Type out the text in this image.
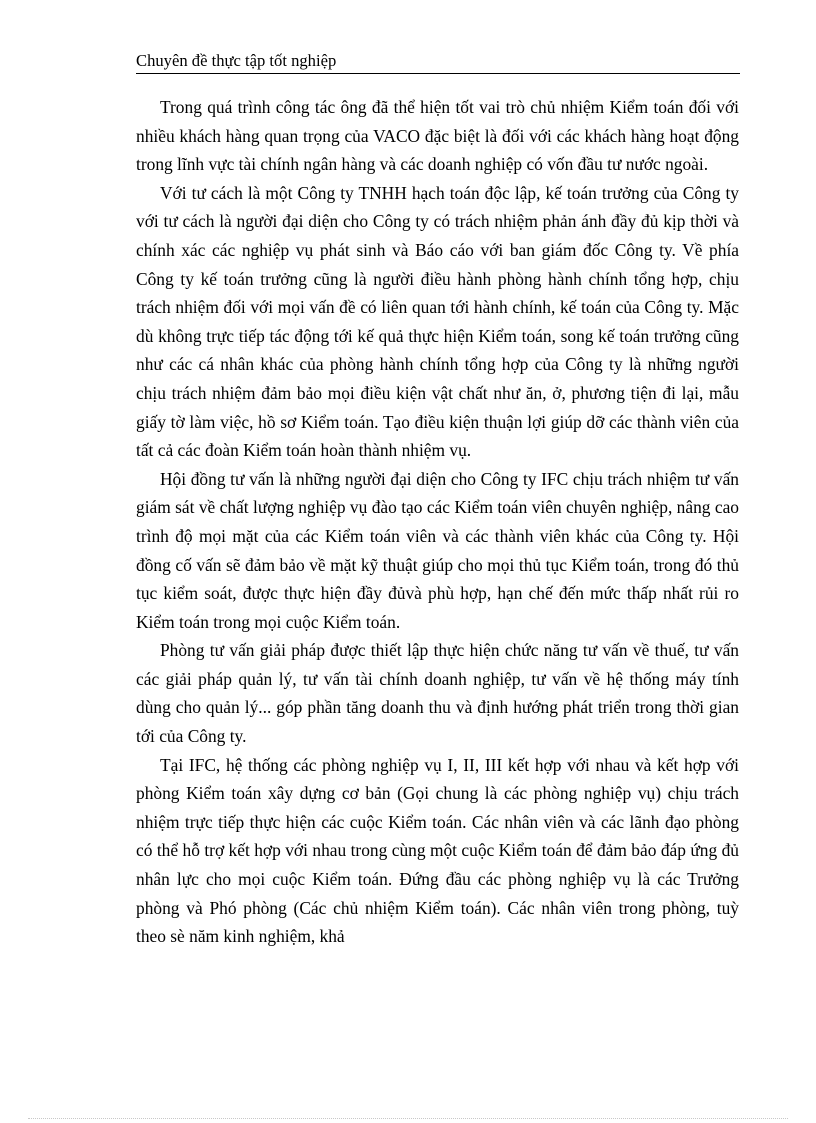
Chuyên đề thực tập tốt nghiệp

Trong quá trình công tác ông đã thể hiện tốt vai trò chủ nhiệm Kiểm toán đối với nhiều khách hàng quan trọng của VACO đặc biệt là đối với các khách hàng hoạt động trong lĩnh vực tài chính ngân hàng và các doanh nghiệp có vốn đầu tư nước ngoài.

Với tư cách là một Công ty TNHH hạch toán độc lập, kế toán trưởng của Công ty với tư cách là người đại diện cho Công ty có trách nhiệm phản ánh đầy đủ kịp thời và chính xác các nghiệp vụ phát sinh và Báo cáo với ban giám đốc Công ty. Về phía Công ty kế toán trưởng cũng là người điều hành phòng hành chính tổng hợp, chịu trách nhiệm đối với mọi vấn đề có liên quan tới hành chính, kế toán của Công ty. Mặc dù không trực tiếp tác động tới kế quả thực hiện Kiểm toán, song kế toán trưởng cũng như các cá nhân khác của phòng hành chính tổng hợp của Công ty là những người chịu trách nhiệm đảm bảo mọi điều kiện vật chất như ăn, ở, phương tiện đi lại, mẫu giấy tờ làm việc, hồ sơ Kiểm toán. Tạo điều kiện thuận lợi giúp dỡ các thành viên của tất cả các đoàn Kiểm toán hoàn thành nhiệm vụ.

Hội đồng tư vấn là những người đại diện cho Công ty IFC chịu trách nhiệm tư vấn giám sát về chất lượng nghiệp vụ đào tạo các Kiểm toán viên chuyên nghiệp, nâng cao trình độ mọi mặt của các Kiểm toán viên và các thành viên khác của Công ty. Hội đồng cố vấn sẽ đảm bảo về mặt kỹ thuật giúp cho mọi thủ tục Kiểm toán, trong đó thủ tục kiểm soát, được thực hiện đầy đủvà phù hợp, hạn chế đến mức thấp nhất rủi ro Kiểm toán trong mọi cuộc Kiểm toán.

Phòng tư vấn giải pháp được thiết lập thực hiện chức năng tư vấn về thuế, tư vấn các giải pháp quản lý, tư vấn tài chính doanh nghiệp, tư vấn về hệ thống máy tính dùng cho quản lý... góp phần tăng doanh thu và định hướng phát triển trong thời gian tới của Công ty.

Tại IFC, hệ thống các phòng nghiệp vụ I, II, III kết hợp với nhau và kết hợp với phòng Kiểm toán xây dựng cơ bản (Gọi chung là các phòng nghiệp vụ) chịu trách nhiệm trực tiếp thực hiện các cuộc Kiểm toán. Các nhân viên và các lãnh đạo phòng có thể hỗ trợ kết hợp với nhau trong cùng một cuộc Kiểm toán để đảm bảo đáp ứng đủ nhân lực cho mọi cuộc Kiểm toán. Đứng đầu các phòng nghiệp vụ là các Trưởng phòng và Phó phòng (Các chủ nhiệm Kiểm toán). Các nhân viên trong phòng, tuỳ theo sè năm kinh nghiệm, khả
